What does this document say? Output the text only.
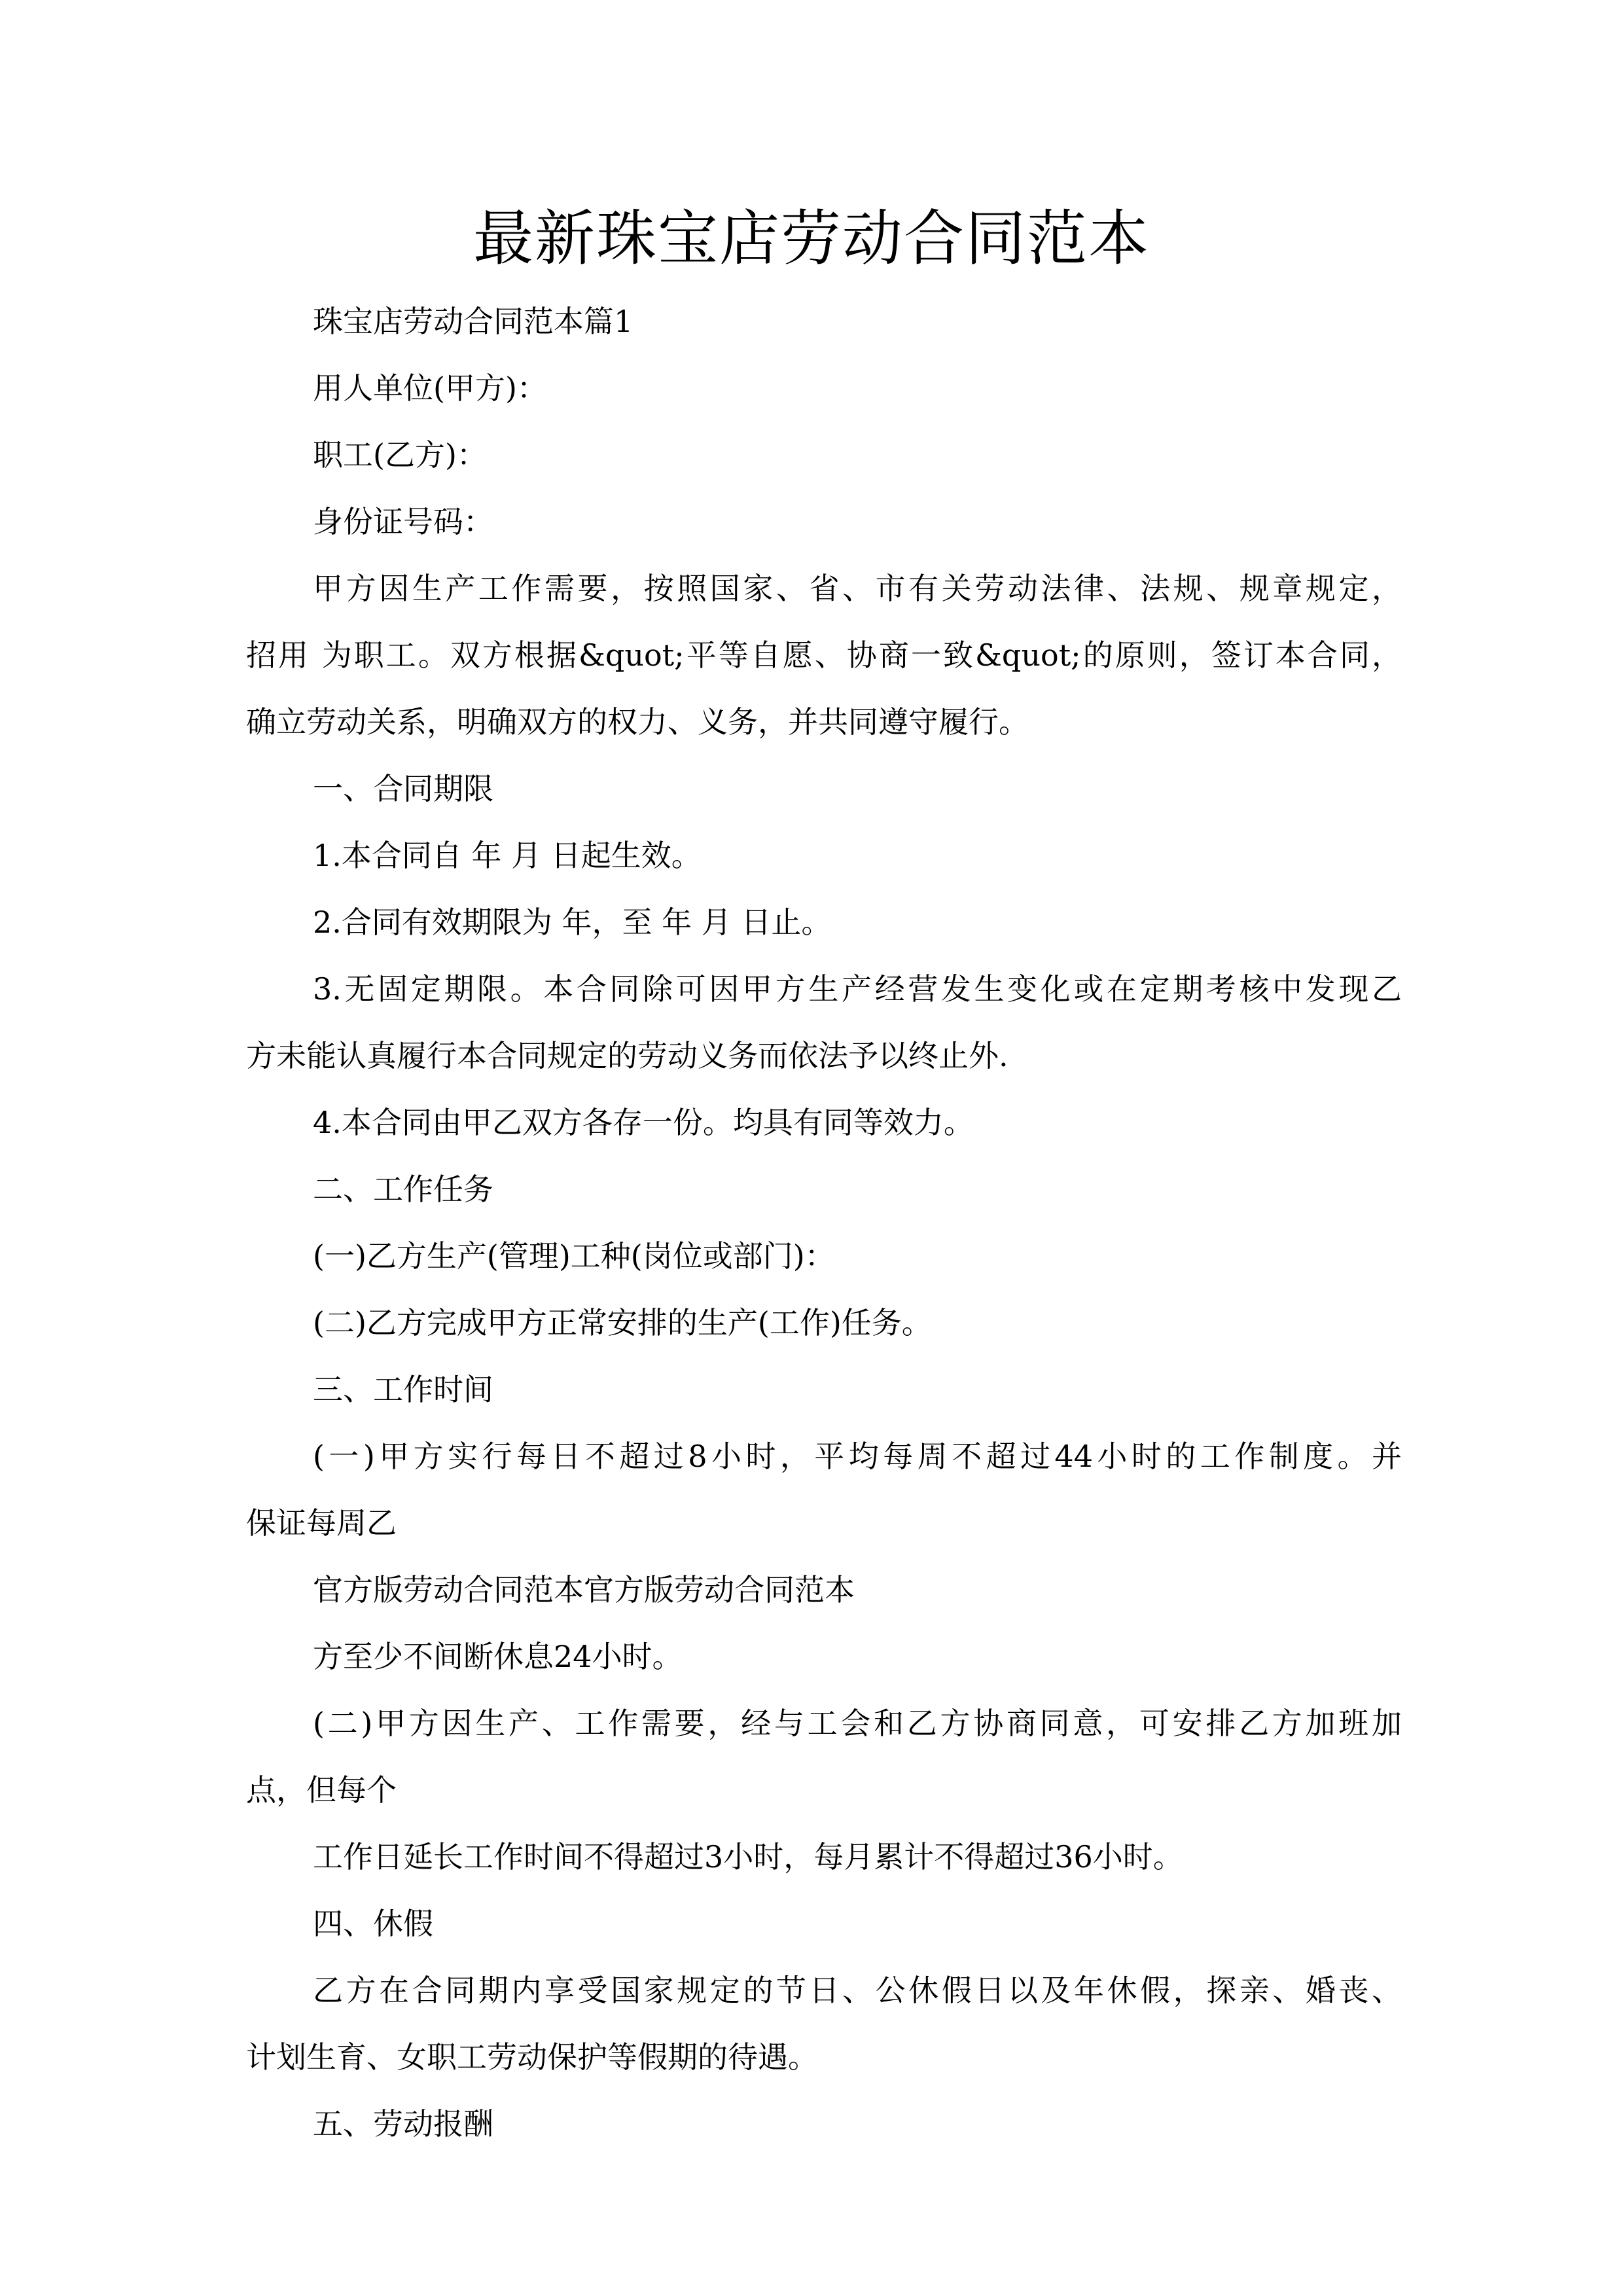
最新珠宝店劳动合同范本
珠宝店劳动合同范本篇1
用人单位(甲方)：
职工(乙方)：
身份证号码：
甲方因生产工作需要，按照国家、省、市有关劳动法律、法规、规章规定，
招用 为职工。双方根据&quot;平等自愿、协商一致&quot;的原则，签订本合同，
确立劳动关系，明确双方的权力、义务，并共同遵守履行。
一、合同期限
1.本合同自 年 月 日起生效。
2.合同有效期限为 年，至 年 月 日止。
3.无固定期限。本合同除可因甲方生产经营发生变化或在定期考核中发现乙
方未能认真履行本合同规定的劳动义务而依法予以终止外.
4.本合同由甲乙双方各存一份。均具有同等效力。
二、工作任务
(一)乙方生产(管理)工种(岗位或部门)：
(二)乙方完成甲方正常安排的生产(工作)任务。
三、工作时间
(一)甲方实行每日不超过8小时，平均每周不超过44小时的工作制度。并
保证每周乙
官方版劳动合同范本官方版劳动合同范本
方至少不间断休息24小时。
(二)甲方因生产、工作需要，经与工会和乙方协商同意，可安排乙方加班加
点，但每个
工作日延长工作时间不得超过3小时，每月累计不得超过36小时。
四、休假
乙方在合同期内享受国家规定的节日、公休假日以及年休假，探亲、婚丧、
计划生育、女职工劳动保护等假期的待遇。
五、劳动报酬
